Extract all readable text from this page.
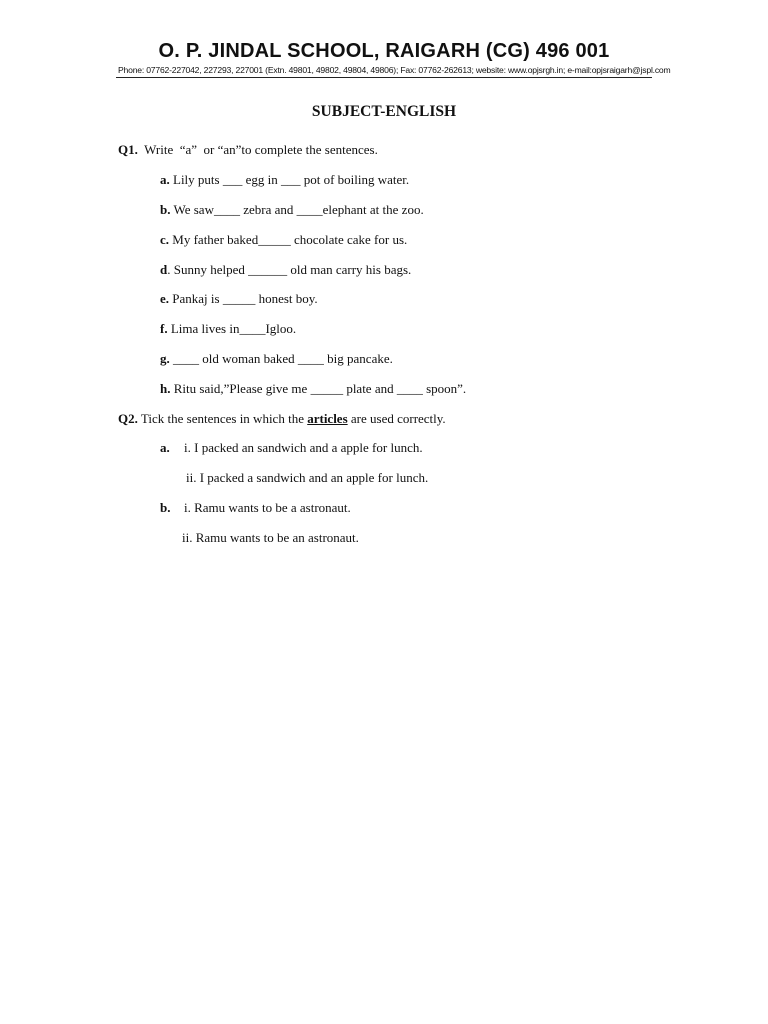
O. P. JINDAL SCHOOL, RAIGARH (CG) 496 001
Phone: 07762-227042, 227293, 227001 (Extn. 49801, 49802, 49804, 49806); Fax: 07762-262613; website: www.opjsrgh.in; e-mail:opjsraigarh@jspl.com
SUBJECT-ENGLISH
Q1.  Write  “a”  or “an”to complete the sentences.
a. Lily puts ___ egg in ___ pot of boiling water.
b. We saw____ zebra and ____elephant at the zoo.
c. My father baked_____ chocolate cake for us.
d. Sunny helped ______ old man carry his bags.
e. Pankaj is _____ honest boy.
f. Lima lives in____Igloo.
g. ____ old woman baked ____ big pancake.
h. Ritu said,”Please give me _____ plate and ____ spoon”.
Q2. Tick the sentences in which the articles are used correctly.
a. i. I packed an sandwich and a apple for lunch.
ii. I packed a sandwich and an apple for lunch.
b. i. Ramu wants to be a astronaut.
ii. Ramu wants to be an astronaut.
